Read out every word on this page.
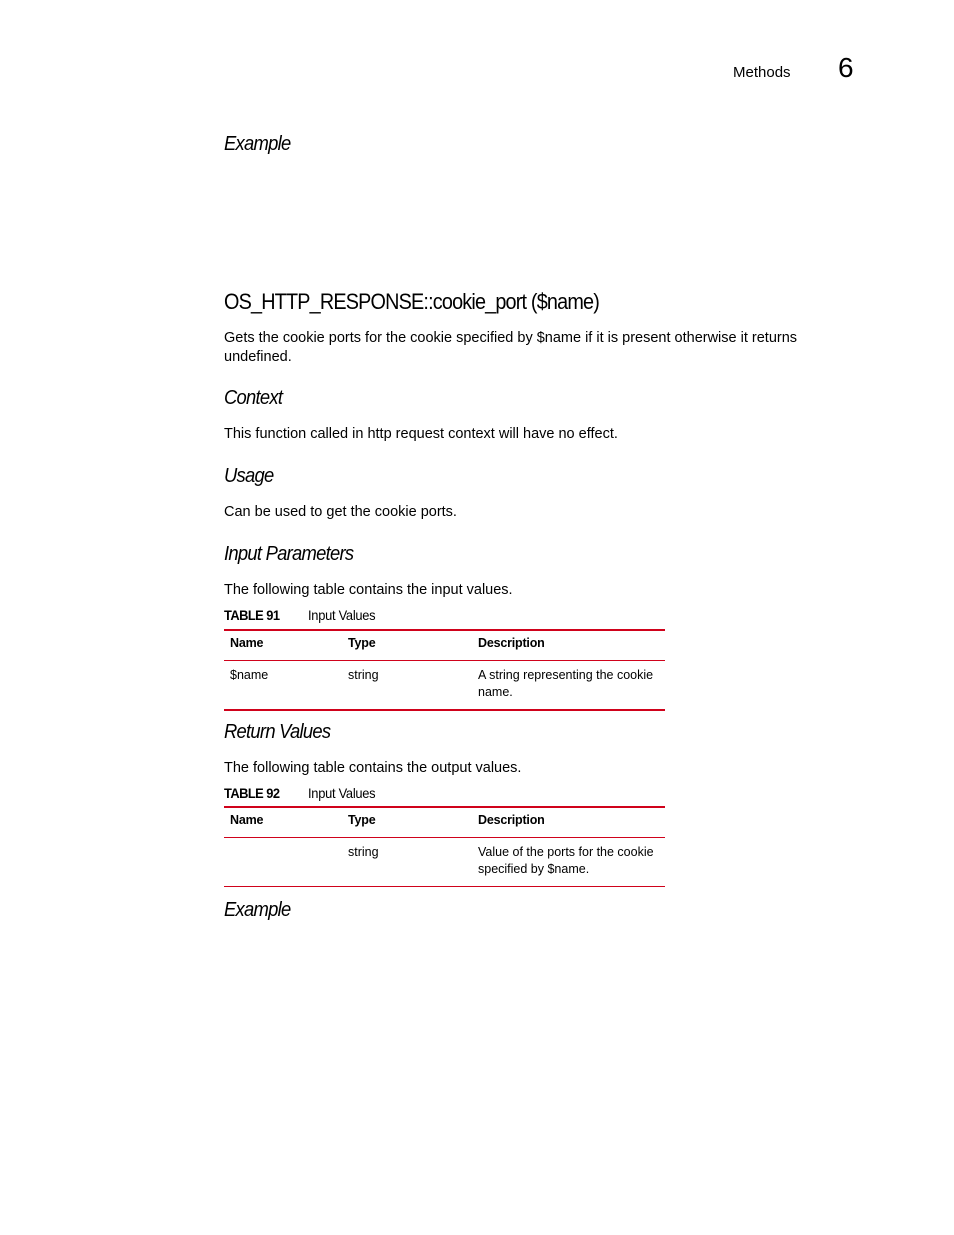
Methods 6
Example
OS_HTTP_RESPONSE::cookie_port ($name)
Gets the cookie ports for the cookie specified by $name if it is present otherwise it returns undefined.
Context
This function called in http request context will have no effect.
Usage
Can be used to get the cookie ports.
Input Parameters
The following table contains the input values.
TABLE 91 Input Values
Name	Type	Description
$name	string	A string representing the cookie name.
Return Values
The following table contains the output values.
TABLE 92 Input Values
Name	Type	Description
	string	Value of the ports for the cookie specified by $name.
Example
